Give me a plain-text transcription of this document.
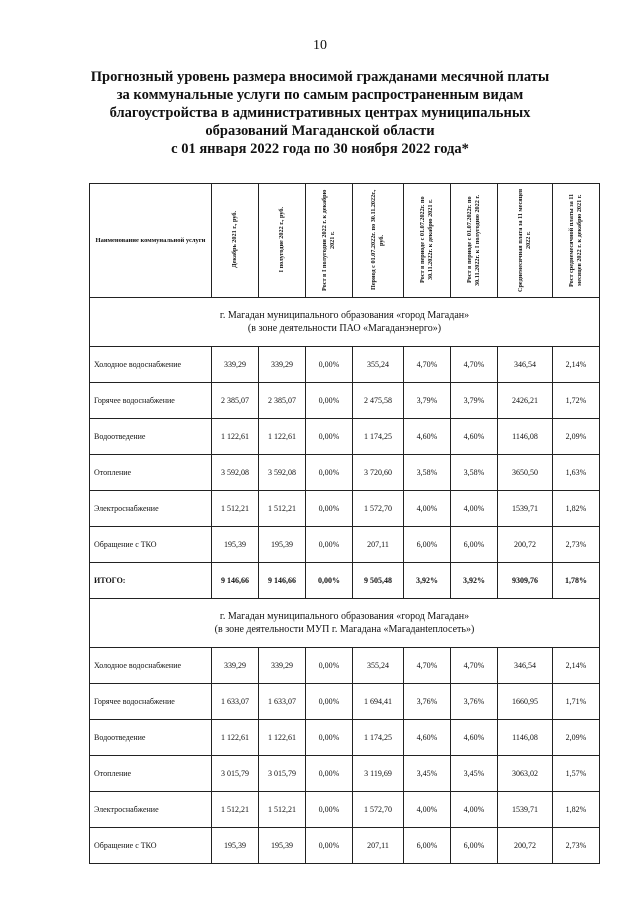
10
Прогнозный уровень размера вносимой гражданами месячной платы
за коммунальные услуги по самым распространенным видам
благоустройства в административных центрах муниципальных
образований Магаданской области
с 01 января 2022 года по 30 ноября 2022 года*
Наименование коммунальной услуги	Декабрь 2021 г., руб.	I полугодие 2022 г., руб.	Рост в I полугодии 2022 г. к декабрю 2021 г.	Период с 01.07.2022г. по 30.11.2022г., руб.	Рост в периоде с 01.07.2022г. по 30.11.2022г. к декабрю 2021 г.	Рост в периоде с 01.07.2022г. по 30.11.2022г. к I полугодию 2022 г.	Среднемесячная плата за 11 месяцев 2022 г.	Рост среднемесячной платы за 11 месяцев 2022 г. к декабрю 2021 г.

г. Магадан муниципального образования «город Магадан»
(в зоне деятельности ПАО «Магаданэнерго»)								

Холодное водоснабжение	339,29	339,29	0,00%	355,24	4,70%	4,70%	346,54	2,14%
Горячее водоснабжение	2 385,07	2 385,07	0,00%	2 475,58	3,79%	3,79%	2426,21	1,72%
Водоотведение	1 122,61	1 122,61	0,00%	1 174,25	4,60%	4,60%	1146,08	2,09%
Отопление	3 592,08	3 592,08	0,00%	3 720,60	3,58%	3,58%	3650,50	1,63%
Электроснабжение	1 512,21	1 512,21	0,00%	1 572,70	4,00%	4,00%	1539,71	1,82%
Обращение с ТКО	195,39	195,39	0,00%	207,11	6,00%	6,00%	200,72	2,73%
ИТОГО:	9 146,66	9 146,66	0,00%	9 505,48	3,92%	3,92%	9309,76	1,78%

г. Магадан муниципального образования «город Магадан»
(в зоне деятельности МУП г. Магадана «Магаданteплосеть»)								

Холодное водоснабжение	339,29	339,29	0,00%	355,24	4,70%	4,70%	346,54	2,14%
Горячее водоснабжение	1 633,07	1 633,07	0,00%	1 694,41	3,76%	3,76%	1660,95	1,71%
Водоотведение	1 122,61	1 122,61	0,00%	1 174,25	4,60%	4,60%	1146,08	2,09%
Отопление	3 015,79	3 015,79	0,00%	3 119,69	3,45%	3,45%	3063,02	1,57%
Электроснабжение	1 512,21	1 512,21	0,00%	1 572,70	4,00%	4,00%	1539,71	1,82%
Обращение с ТКО	195,39	195,39	0,00%	207,11	6,00%	6,00%	200,72	2,73%
